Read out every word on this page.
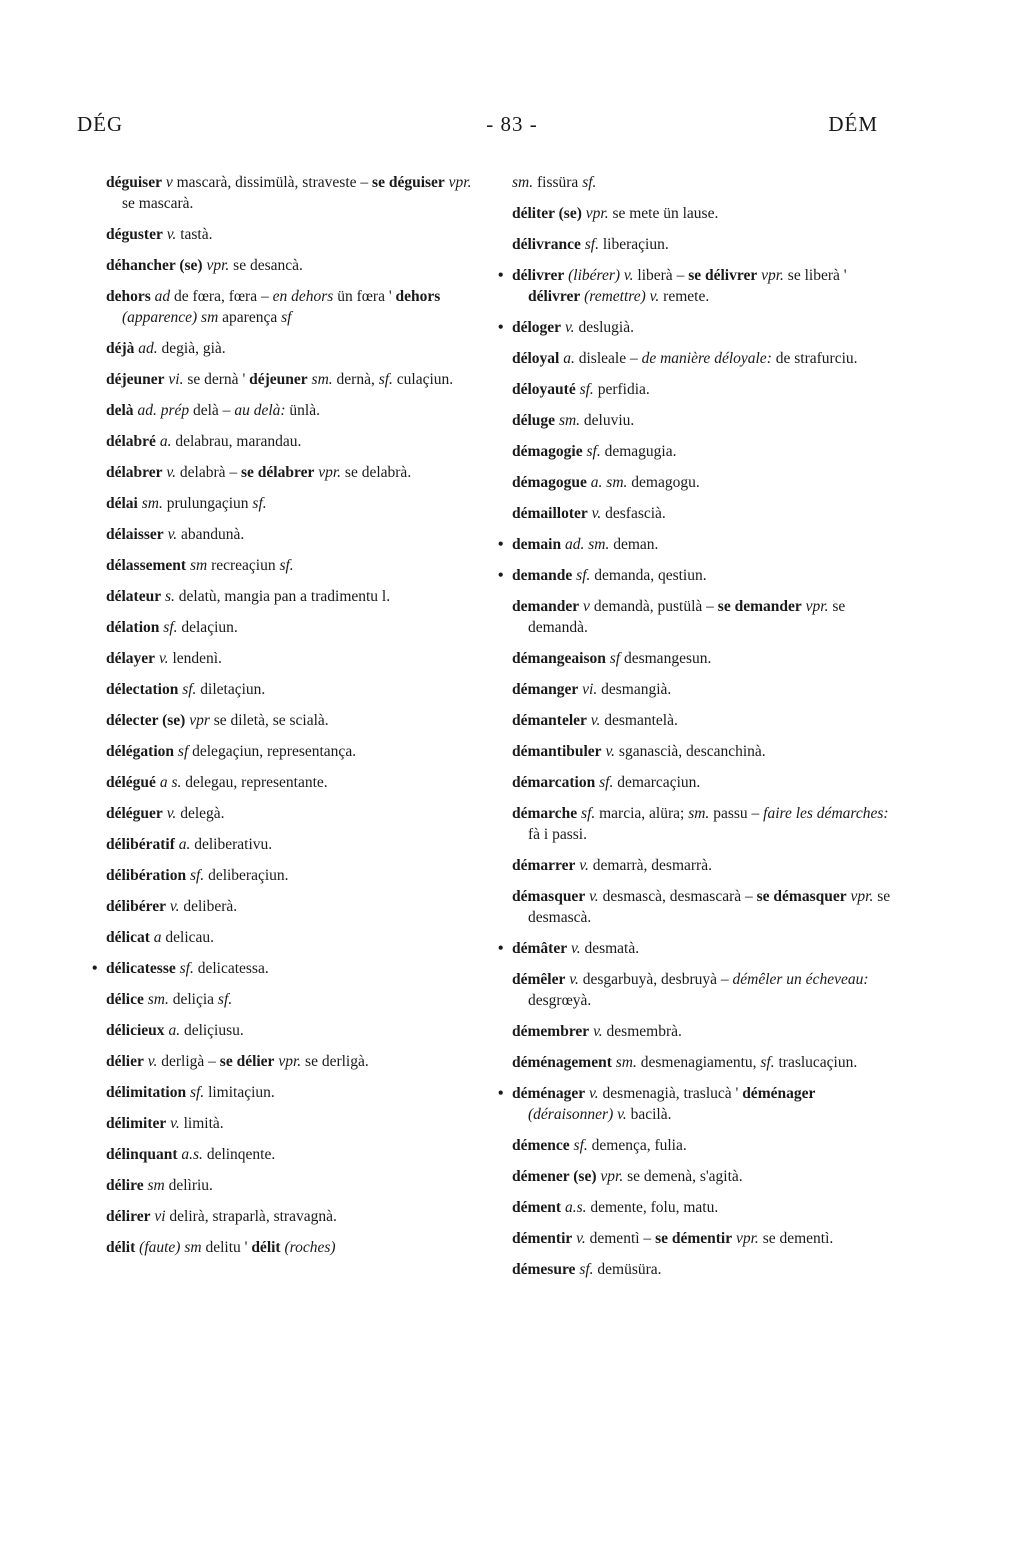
DÉG	- 83 -	DÉM
déguiser v mascarà, dissimülà, straveste – se déguiser vpr. se mascarà.
déguster v. tastà.
déhancher (se) vpr. se desancà.
dehors ad de fœra, fœra – en dehors ün fœra ' dehors (apparence) sm aparença sf
déjà ad. degià, già.
déjeuner vi. se dernà ' déjeuner sm. dernà, sf. culaçiun.
delà ad. prép delà – au delà: ünlà.
délabré a. delabrau, marandau.
délabrer v. delabrà – se délabrer vpr. se delabrà.
délai sm. prulungaçiun sf.
délaisser v. abandunà.
délassement sm recreaçiun sf.
délateur s. delatù, mangia pan a tradimentu l.
délation sf. delaçiun.
délayer v. lendenì.
délectation sf. diletaçiun.
délecter (se) vpr se diletà, se scialà.
délégation sf delegaçiun, representança.
délégué a s. delegau, representante.
déléguer v. delegà.
délibératif a. deliberativu.
délibération sf. deliberaçiun.
délibérer v. deliberà.
délicat a delicau.
• délicatesse sf. delicatessa.
délice sm. deliçia sf.
délicieux a. deliçiusu.
délier v. derligà – se délier vpr. se derligà.
délimitation sf. limitaçiun.
délimiter v. limità.
délinquant a.s. delinqente.
délire sm delìriu.
délirer vi delirà, straparlà, stravagnà.
délit (faute) sm delitu ' délit (roches)
sm. fissüra sf.
déliter (se) vpr. se mete ün lause.
délivrance sf. liberaçiun.
• délivrer (libérer) v. liberà – se délivrer vpr. se liberà ' délivrer (remettre) v. remete.
• déloger v. deslugià.
déloyal a. disleale – de manière déloyale: de strafurciu.
déloyauté sf. perfidia.
déluge sm. deluviu.
démagogie sf. demagugia.
démagogue a. sm. demagogu.
démailloter v. desfascià.
• demain ad. sm. deman.
• demande sf. demanda, qestiun.
demander v demandà, pustülà – se demander vpr. se demandà.
démangeaison sf desmangesun.
démanger vi. desmangià.
démanteler v. desmantelà.
démantibuler v. sganascià, descanchinà.
démarcation sf. demarcaçiun.
démarche sf. marcia, alüra; sm. passu – faire les démarches: fà i passi.
démarrer v. demarrà, desmarrà.
démasquer v. desmascà, desmascarà – se démasquer vpr. se desmascà.
• démâter v. desmatà.
démêler v. desgarbuyà, desbruyà – démêler un écheveau: desgrœyà.
démembrer v. desmembrà.
déménagement sm. desmenagiamentu, sf. traslucaçiun.
• déménager v. desmenagià, traslucà ' déménager (déraisonner) v. bacilà.
démence sf. demença, fulia.
démener (se) vpr. se demenà, s'agità.
dément a.s. demente, folu, matu.
démentir v. dementì – se démentir vpr. se dementì.
démesure sf. demüsüra.
